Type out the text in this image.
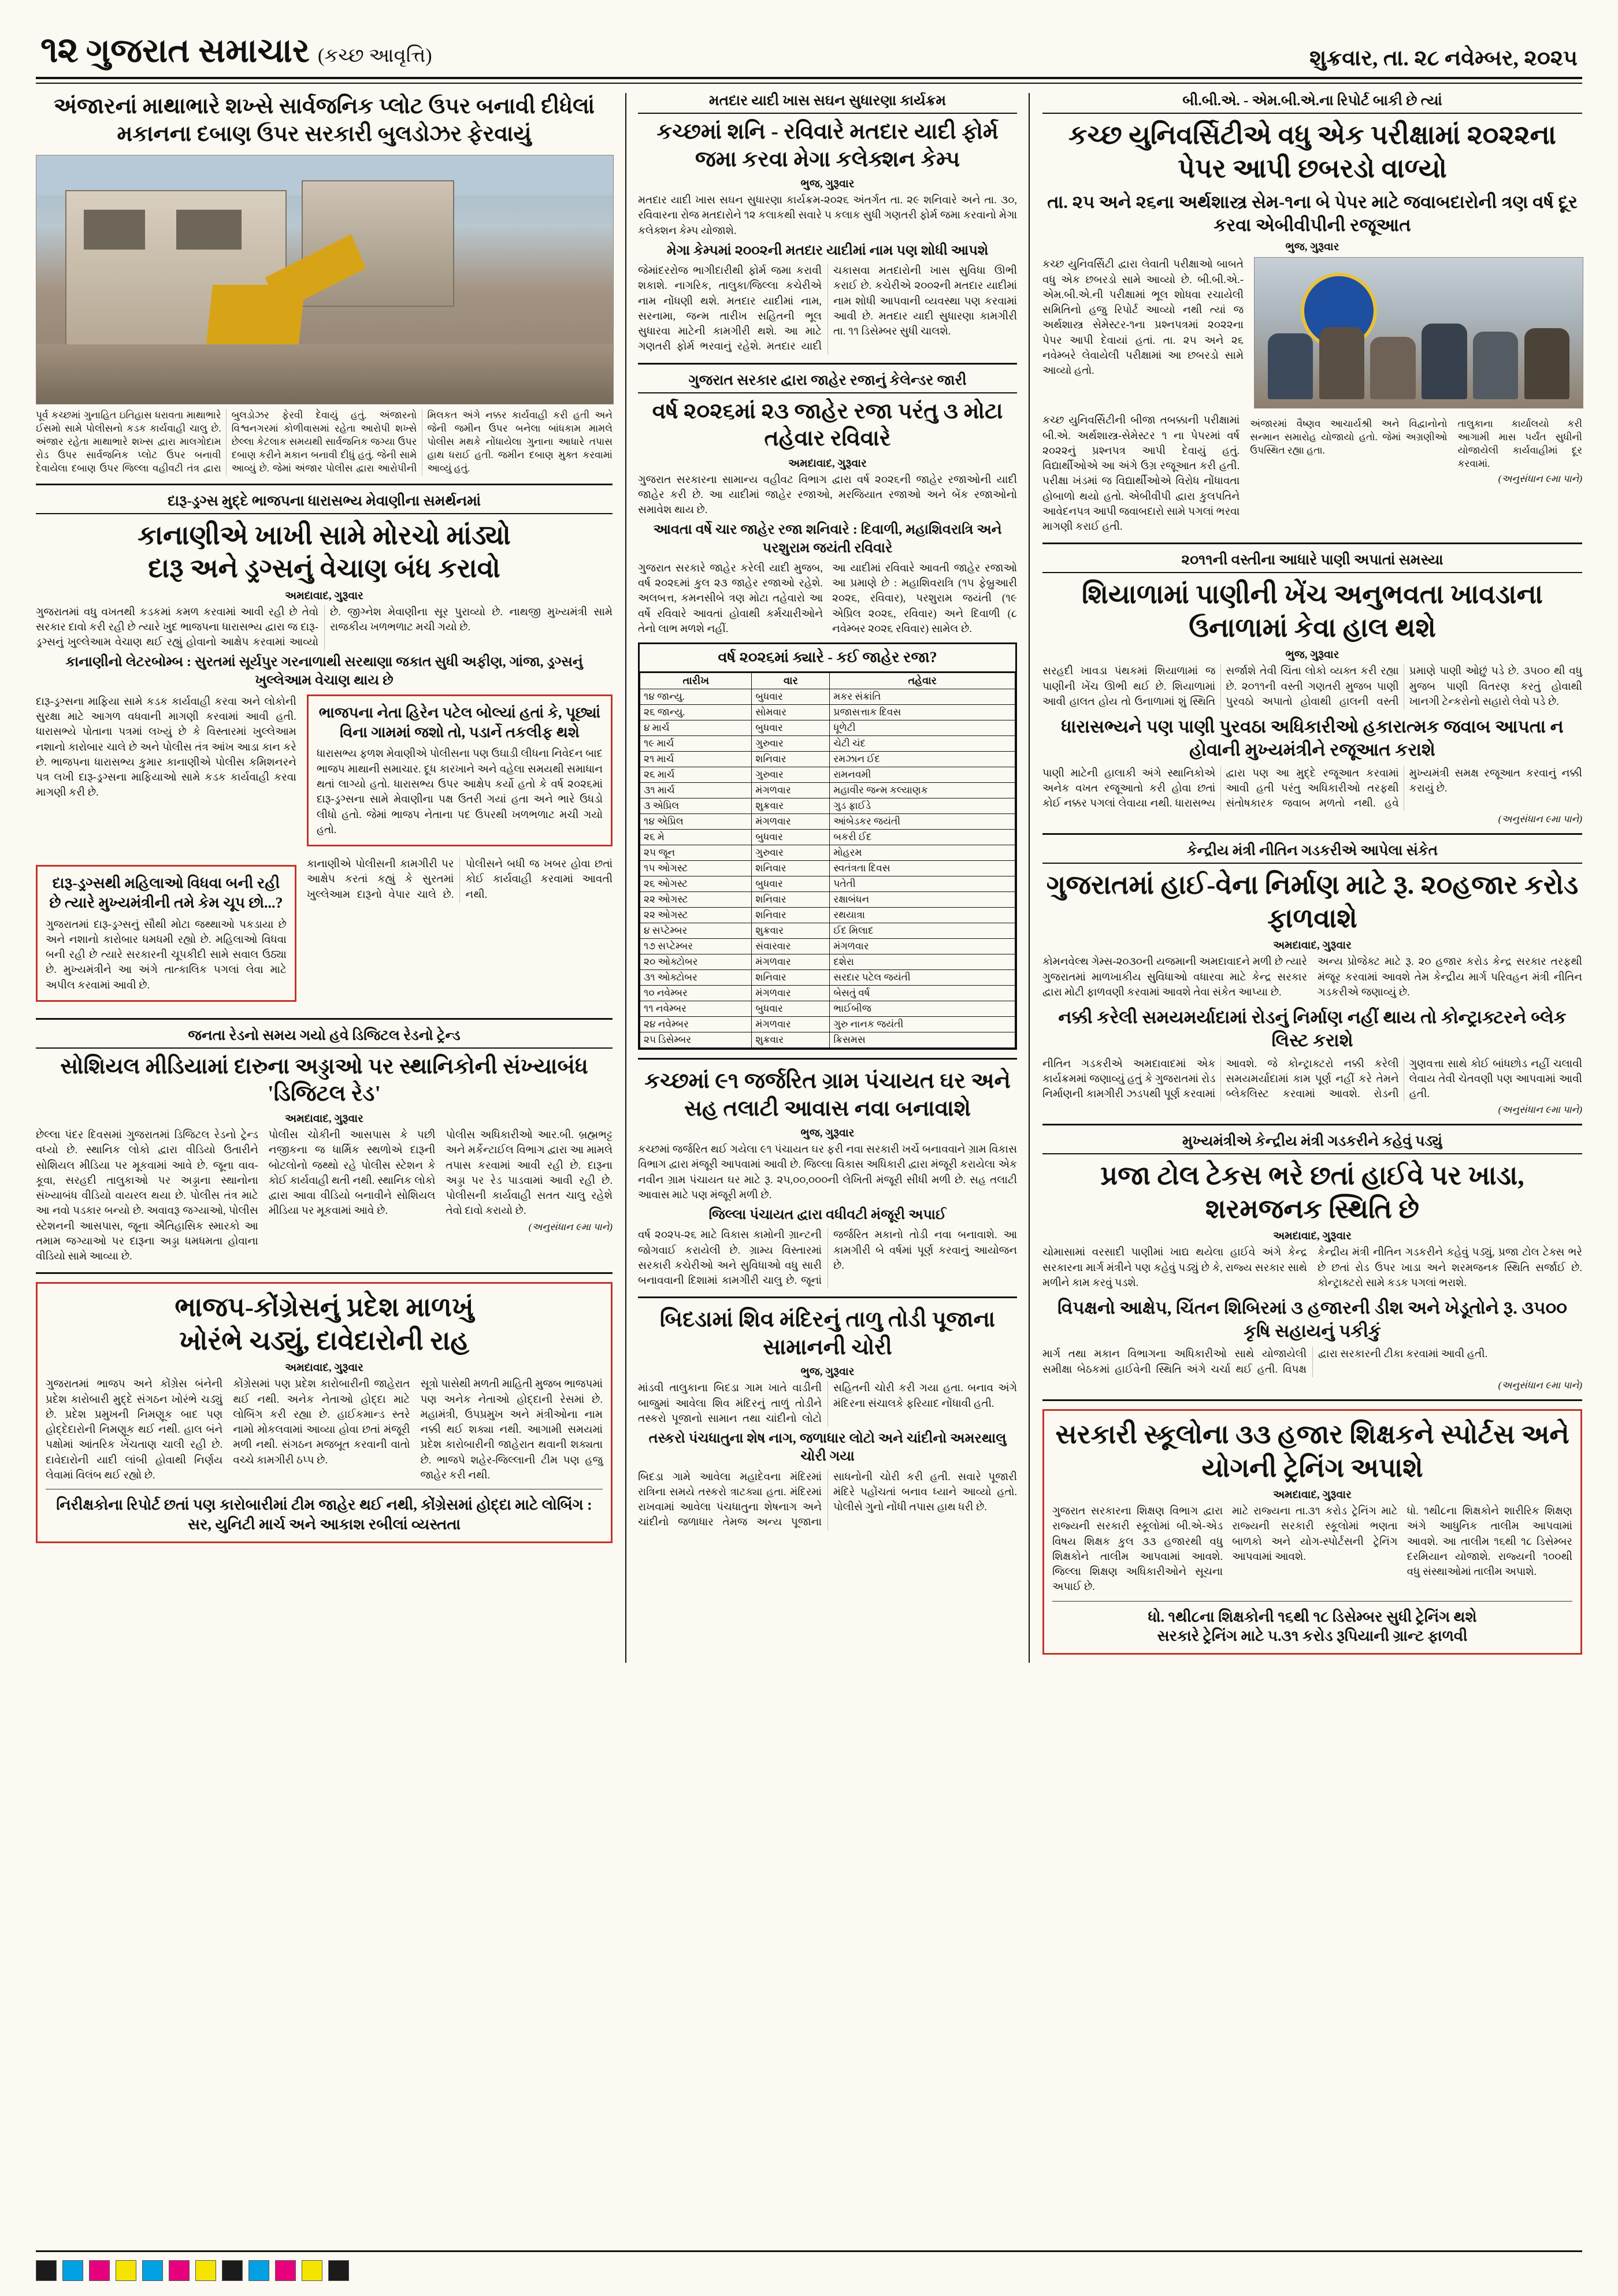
૧૨ ગુજરાત સમાચાર (કચ્છ આવૃત્તિ)	શુક્રવાર, તા. ૨૮ નવેમ્બર, ૨૦૨૫
અંજારનાં માથાભારે શખ્સે સાર્વજનિક પ્લોટ ઉપર બનાવી દીધેલાં મકાનના દબાણ ઉપર સરકારી બુલડોઝર ફેરવાયું
પૂર્વ કચ્છમાં ગુનાહિત ઇતિહાસ ધરાવતા માથાભારે ઈસમો સામે પોલીસનો કડક કાર્યવાહી ચાલુ છે. અંજાર રહેતા માથાભારે શખ્સ દ્વારા માલગોદામ રોડ ઉપર સાર્વજનિક પ્લોટ ઉપર બનાવી દેવાયેલા દબાણ ઉપર જિલ્લા વહીવટી તંત્ર દ્વારા બુલડોઝર ફેરવી દેવાયું હતું. અંજારનો વિશ્વનગરમાં કોળીવાસમાં રહેતા આરોપી શખ્સે છેલ્લા કેટલાક સમયથી સાર્વજનિક જગ્યા ઉપર દબાણ કરીને મકાન બનાવી દીધું હતું. જેની સામે આવ્યું છે. જેમાં અંજાર પોલીસ દ્વારા આરોપીની મિલકત અંગે નક્કર કાર્યવાહી કરી હતી અને જેની જમીન ઉપર બનેલા બાંધકામ મામલે પોલીસ મથકે નોંધાયેલા ગુનાના આધારે તપાસ હાથ ધરાઈ હતી. જમીન દબાણ મુક્ત કરવામાં આવ્યું હતું.
દારૂ-ડ્રગ્સ મુદ્દે ભાજપના ધારાસભ્ય મેવાણીના સમર્થનમાં
કાનાણીએ ખાખી સામે મોરચો માંડ્યો
દારૂ અને ડ્રગ્સનું વેચાણ બંધ કરાવો
અમદાવાદ, ગુરૂવાર
ગુજરાતમાં વધુ વખતથી કડકમાં કમળ કરવામાં આવી રહી છે તેવો સરકાર દાવો કરી રહી છે ત્યારે ખુદ ભાજપના ધારાસભ્ય દ્વારા જ દારૂ-ડ્રગ્સનું ખુલ્લેઆમ વેચાણ થઈ રહ્યું હોવાનો આક્ષેપ કરવામાં આવ્યો છે. જીગ્નેશ મેવાણીના સૂર પુરાવ્યો છે. નાથજી મુખ્યમંત્રી સામે રાજકીય ખળભળાટ મચી ગયો છે.
કાનાણીનો લેટરબોમ્બ : સુરતમાં સૂર્યપુર ગરનાળાથી સરથાણા જકાત સુધી અફીણ, ગાંજા, ડ્રગ્સનું ખુલ્લેઆમ વેચાણ થાય છે
દારૂ-ડ્રગ્સના માફિયા સામે કડક કાર્યવાહી કરવા અને લોકોની સુરક્ષા માટે આગળ વધવાની માગણી કરવામાં આવી હતી. ધારાસભ્યે પોતાના પત્રમાં લખ્યું છે કે વિસ્તારમાં ખુલ્લેઆમ નશાનો કારોબાર ચાલે છે અને પોલીસ તંત્ર આંખ આડા કાન કરે છે. ભાજપના ધારાસભ્ય કુમાર કાનાણીએ પોલીસ કમિશનરને પત્ર લખી દારૂ-ડ્રગ્સના માફિયાઓ સામે કડક કાર્યવાહી કરવા માગણી કરી છે.
ભાજપના નેતા હિરેન પટેલ બોલ્યાં હતાં કે, પૂછ્યાં વિના ગામમાં જશો તો, પડાર્ને તકલીફ થશે
ધારાસભ્ય ફળશ મેવાણીએ પોલીસના પણ ઉઘાડી લીધના નિવેદન બાદ ભાજપ માથાની સમાચાર. દૂધ કારખાને અને વહેલા સમયથી સમાધાન થતાં લાગ્યો હતો. ધારાસભ્ય ઉપર આક્ષેપ કર્યો હતો કે વર્ષ ૨૦૨૬માં દારૂ-ડ્રગ્સના સામે મેવાણીના પક્ષ ઉતરી ગયાં હતા અને ભારે ઉધડો લીધો હતો. જેમાં ભાજપ નેતાના પદ ઉપરથી ખળભળાટ મચી ગયો હતો.
દારૂ-ડ્રગ્સથી મહિલાઓ વિધવા બની રહી છે ત્યારે મુખ્યમંત્રીની તમે કેમ ચૂપ છો...?
ગુજરાતમાં દારૂ-ડ્રગ્સનું સૌથી મોટા જથ્થાઓ પકડાયા છે અને નશાનો કારોબાર ધમધમી રહ્યો છે. મહિલાઓ વિધવા બની રહી છે ત્યારે સરકારની ચૂપકીદી સામે સવાલ ઉઠ્યા છે. મુખ્યમંત્રીને આ અંગે તાત્કાલિક પગલાં લેવા માટે અપીલ કરવામાં આવી છે.
કાનાણીએ પોલીસની કામગીરી પર આક્ષેપ કરતાં કહ્યું કે સુરતમાં ખુલ્લેઆમ દારૂનો વેપાર ચાલે છે. પોલીસને બધી જ ખબર હોવા છતાં કોઈ કાર્યવાહી કરવામાં આવતી નથી.
જનતા રેડનો સમય ગયો હવે ડિજિટલ રેડનો ટ્રેન્ડ
સોશિયલ મીડિયામાં દારુના અડ્ડાઓ પર સ્થાનિકોની સંખ્યાબંધ 'ડિજિટલ રેડ'
અમદાવાદ, ગુરૂવાર
છેલ્લા પંદર દિવસમાં ગુજરાતમાં ડિજિટલ રેડનો ટ્રેન્ડ વધ્યો છે. સ્થાનિક લોકો દ્વારા વીડિયો ઉતારીને સોશિયલ મીડિયા પર મૂકવામાં આવે છે. જૂના વાવ-કૂવા, સરહદી તાલુકાઓ પર અડ્ડાના સ્થાનોના સંખ્યાબંધ વીડિયો વાયરલ થયા છે. પોલીસ તંત્ર માટે આ નવો પડકાર બન્યો છે. અવાવરૂ જગ્યાઓ, પોલીસ સ્ટેશનની આસપાસ, જૂના ઐતિહાસિક સ્મારકો આ તમામ જગ્યાઓ પર દારૂના અડ્ડા ધમધમતા હોવાના વીડિયો સામે આવ્યા છે.
પોલીસ ચોકીની આસપાસ કે પછી નજીકના જ ધાર્મિક સ્થળોએ દારૂની બોટલોનો જથ્થો રહે પોલીસ સ્ટેશન કે કોઈ કાર્યવાહી થતી નથી. સ્થાનિક લોકો દ્વારા આવા વીડિયો બનાવીને સોશિયલ મીડિયા પર મૂકવામાં આવે છે.
પોલીસ અધિકારીઓ આર.બી. બ્રહ્મભટ્ટ અને મર્કેન્ટાઈલ વિભાગ દ્વારા આ મામલે તપાસ કરવામાં આવી રહી છે. દારૂના અડ્ડા પર રેડ પાડવામાં આવી રહી છે. પોલીસની કાર્યવાહી સતત ચાલુ રહેશે તેવો દાવો કરાયો છે.
(અનુસંધાન ૯મા પાને)
ભાજપ-કોંગ્રેસનું પ્રદેશ માળખું
ખોરંભે ચડ્યું, દાવેદારોની રાહ
અમદાવાદ, ગુરૂવાર
ગુજરાતમાં ભાજપ અને કોંગ્રેસ બંનેની પ્રદેશ કારોબારી મુદ્દે સંગઠન ખોરંભે ચડ્યું છે. પ્રદેશ પ્રમુખની નિમણૂક બાદ પણ હોદ્દેદારોની નિમણૂક થઈ નથી. હાલ બંને પક્ષોમાં આંતરિક ખેંચતાણ ચાલી રહી છે. દાવેદારોની યાદી લાંબી હોવાથી નિર્ણય લેવામાં વિલંબ થઈ રહ્યો છે.
કોંગ્રેસમાં પણ પ્રદેશ કારોબારીની જાહેરાત થઈ નથી. અનેક નેતાઓ હોદ્દા માટે લોબિંગ કરી રહ્યા છે. હાઈકમાન્ડ સ્તરે નામો મોકલવામાં આવ્યા હોવા છતાં મંજૂરી મળી નથી. સંગઠન મજબૂત કરવાની વાતો વચ્ચે કામગીરી ઠપ્પ છે.
સૂત્રો પાસેથી મળતી માહિતી મુજબ ભાજપમાં પણ અનેક નેતાઓ હોદ્દાની રેસમાં છે. મહામંત્રી, ઉપપ્રમુખ અને મંત્રીઓના નામ નક્કી થઈ શક્યા નથી. આગામી સમયમાં પ્રદેશ કારોબારીની જાહેરાત થવાની શક્યતા છે. ભાજપે શહેર-જિલ્લાની ટીમ પણ હજુ જાહેર કરી નથી.
નિરીક્ષકોના રિપોર્ટ છતાં પણ કારોબારીમાં ટીમ જાહેર થઈ નથી, કોંગ્રેસમાં હોદ્દા માટે લોબિંગ : સર, યુનિટી માર્ચ અને આકાશ રબીલાં વ્યસ્તતા
મતદાર યાદી ખાસ સઘન સુધારણા કાર્યક્રમ
કચ્છમાં શનિ - રવિવારે મતદાર યાદી ફોર્મ જમા કરવા મેગા કલેક્શન કેમ્પ
ભુજ, ગુરૂવાર
મતદાર યાદી ખાસ સઘન સુધારણા કાર્યક્રમ-૨૦૨૬ અંતર્ગત તા. ૨૯ શનિવારે અને તા. ૩૦, રવિવારના રોજ મતદારોને ૧૨ કલાકથી સવારે ૫ કલાક સુધી ગણતરી ફોર્મ જમા કરવાનો મેગા કલેક્શન કેમ્પ યોજાશે.
મેગા કેમ્પમાં ૨૦૦૨ની મતદાર યાદીમાં નામ પણ શોધી આપશે
જેમાંદરરોજ ભાગીદારીથી ફોર્મ જમા કરાવી શકાશે. નાગરિક, તાલુકા/જિલ્લા કચેરીએ નામ નોંધણી થશે. મતદાર યાદીમાં નામ, સરનામા, જન્મ તારીખ સહિતની ભૂલ સુધારવા માટેની કામગીરી થશે. આ માટે ગણતરી ફોર્મ ભરવાનું રહેશે. મતદાર યાદી ચકાસવા મતદારોની ખાસ સુવિધા ઊભી કરાઈ છે. કચેરીએ ૨૦૦૨ની મતદાર યાદીમાં નામ શોધી આપવાની વ્યવસ્થા પણ કરવામાં આવી છે. મતદાર યાદી સુધારણા કામગીરી તા. ૧૧ ડિસેમ્બર સુધી ચાલશે.
ગુજરાત સરકાર દ્વારા જાહેર રજાનું કેલેન્ડર જારી
વર્ષ ૨૦૨૬માં ૨૩ જાહેર રજા પરંતુ ૩ મોટા તહેવાર રવિવારે
અમદાવાદ, ગુરૂવાર
ગુજરાત સરકારના સામાન્ય વહીવટ વિભાગ દ્વારા વર્ષ ૨૦૨૬ની જાહેર રજાઓની યાદી જાહેર કરી છે. આ યાદીમાં જાહેર રજાઓ, મરજિયાત રજાઓ અને બેંક રજાઓનો સમાવેશ થાય છે.
આવતા વર્ષે ચાર જાહેર રજા શનિવારે : દિવાળી, મહાશિવરાત્રિ અને પરશુરામ જયંતી રવિવારે
ગુજરાત સરકારે જાહેર કરેલી યાદી મુજબ, વર્ષ ૨૦૨૬માં કુલ ૨૩ જાહેર રજાઓ રહેશે. અલબત્ત, કમનસીબે ત્રણ મોટા તહેવારો આ વર્ષે રવિવારે આવતાં હોવાથી કર્મચારીઓને તેનો લાભ મળશે નહીં.
આ યાદીમાં રવિવારે આવતી જાહેર રજાઓ આ પ્રમાણે છે : મહાશિવરાત્રિ (૧૫ ફેબ્રુઆરી ૨૦૨૬, રવિવાર), પરશુરામ જયંતી (૧૯ એપ્રિલ ૨૦૨૬, રવિવાર) અને દિવાળી (૮ નવેમ્બર ૨૦૨૬ રવિવાર) સામેલ છે.
વર્ષ ૨૦૨૬માં ક્યારે - કઈ જાહેર રજા?
તારીખ	વાર	તહેવાર
૧૪ જાન્યુ.	બુધવાર	મકર સંક્રાંતિ
૨૬ જાન્યુ.	સોમવાર	પ્રજાસત્તાક દિવસ
૪ માર્ચ	બુધવાર	ધૂળેટી
૧૯ માર્ચ	ગુરુવાર	ચેટી ચંદ
૨૧ માર્ચ	શનિવાર	રમઝાન ઈદ
૨૬ માર્ચ	ગુરુવાર	રામનવમી
૩૧ માર્ચ	મંગળવાર	મહાવીર જન્મ કલ્યાણક
૩ એપ્રિલ	શુક્રવાર	ગુડ ફ્રાઈડે
૧૪ એપ્રિલ	મંગળવાર	આંબેડકર જયંતી
૨૬ મે	બુધવાર	બકરી ઈદ
૨૫ જૂન	ગુરુવાર	મોહરમ
૧૫ ઓગસ્ટ	શનિવાર	સ્વતંત્રતા દિવસ
૨૬ ઓગસ્ટ	બુધવાર	પતેતી
૨૨ ઓગસ્ટ	શનિવાર	રક્ષાબંધન
૨૨ ઓગસ્ટ	શનિવાર	રથયાત્રા
૪ સપ્ટેમ્બર	શુક્રવાર	ઈદ મિલાદ
૧૭ સપ્ટેમ્બર	સંવારવાર	મંગળવાર
૨૦ ઓક્ટોબર	મંગળવાર	દશેરા
૩૧ ઓક્ટોબર	શનિવાર	સરદાર પટેલ જયંતી
૧૦ નવેમ્બર	મંગળવાર	બેસતું વર્ષ
૧૧ નવેમ્બર	બુધવાર	ભાઈબીજ
૨૪ નવેમ્બર	મંગળવાર	ગુરુ નાનક જયંતી
૨૫ ડિસેમ્બર	શુક્રવાર	ક્રિસમસ
કચ્છમાં ૯૧ જર્જરિત ગ્રામ પંચાયત ઘર અને સહ તલાટી આવાસ નવા બનાવાશે
ભુજ, ગુરૂવાર
કચ્છમાં જર્જરિત થઈ ગયેલા ૯૧ પંચાયત ઘર ફરી નવા સરકારી ખર્ચે બનાવવાને ગ્રામ વિકાસ વિભાગ દ્વારા મંજૂરી આપવામાં આવી છે. જિલ્લા વિકાસ અધિકારી દ્વારા મંજૂરી કરાયેલા એક નવીન ગ્રામ પંચાયત ઘર માટે રૂ. ૨૫,૦૦,૦૦૦ની લેખિતી મંજૂરી સીધી મળી છે. સહ તલાટી આવાસ માટે પણ મંજૂરી મળી છે.
જિલ્લા પંચાયત દ્વારા વધીવટી મંજૂરી અપાઈ
વર્ષ ૨૦૨૫-૨૬ માટે વિકાસ કામોની ગ્રાન્ટની જોગવાઈ કરાયેલી છે. ગ્રામ્ય વિસ્તારમાં સરકારી કચેરીઓ અને સુવિધાઓ વધુ સારી બનાવવાની દિશામાં કામગીરી ચાલુ છે. જૂનાં જર્જરિત મકાનો તોડી નવા બનાવાશે. આ કામગીરી બે વર્ષમાં પૂર્ણ કરવાનું આયોજન છે.
બિદડામાં શિવ મંદિરનું તાળુ તોડી પૂજાના સામાનની ચોરી
ભુજ, ગુરૂવાર
માંડવી તાલુકાના બિદડા ગામ ખાતે વાડીની બાજુમાં આવેલા શિવ મંદિરનું તાળું તોડીને તસ્કરો પૂજાનો સામાન તથા ચાંદીનો લોટો સહિતની ચોરી કરી ગયા હતા. બનાવ અંગે મંદિરના સંચાલકે ફરિયાદ નોંધાવી હતી.
તસ્કરો પંચધાતુના શેષ નાગ, જળાધાર લોટો અને ચાંદીનો અમરથાલુ ચોરી ગયા
બિદડા ગામે આવેલા મહાદેવના મંદિરમાં રાત્રિના સમયે તસ્કરો ત્રાટક્યા હતા. મંદિરમાં રાખવામાં આવેલા પંચધાતુના શેષનાગ અને ચાંદીનો જળાધાર તેમજ અન્ય પૂજાના સાધનોની ચોરી કરી હતી. સવારે પૂજારી મંદિરે પહોંચતાં બનાવ ધ્યાને આવ્યો હતો. પોલીસે ગુનો નોંધી તપાસ હાથ ધરી છે.
બી.બી.એ. - એમ.બી.એ.ના રિપોર્ટ બાકી છે ત્યાં
કચ્છ યુનિવર્સિટીએ વધુ એક પરીક્ષામાં ૨૦૨૨ના પેપર આપી છબરડો વાળ્યો
તા. ૨૫ અને ૨૬ના અર્થશાસ્ત્ર સેમ-૧ના બે પેપર માટે જવાબદારોની ત્રણ વર્ષ દૂર કરવા એબીવીપીની રજૂઆત
ભુજ, ગુરૂવાર
કચ્છ યુનિવર્સિટી દ્વારા લેવાતી પરીક્ષાઓ બાબતે વધુ એક છબરડો સામે આવ્યો છે. બી.બી.એ.-એમ.બી.એ.ની પરીક્ષામાં ભૂલ શોધવા રચાયેલી સમિતિનો હજુ રિપોર્ટ આવ્યો નથી ત્યાં જ અર્થશાસ્ત્ર સેમેસ્ટર-૧ના પ્રશ્નપત્રમાં ૨૦૨૨ના પેપર આપી દેવાયાં હતાં. તા. ૨૫ અને ૨૬ નવેમ્બરે લેવાયેલી પરીક્ષામાં આ છબરડો સામે આવ્યો હતો.
કચ્છ યુનિવર્સિટીની બીજા તબક્કાની પરીક્ષામાં બી.એ. અર્થશાસ્ત્ર-સેમેસ્ટર ૧ ના પેપરમાં વર્ષ ૨૦૨૨નું પ્રશ્નપત્ર આપી દેવાયું હતું. વિદ્યાર્થીઓએ આ અંગે ઉગ્ર રજૂઆત કરી હતી. પરીક્ષા ખંડમાં જ વિદ્યાર્થીઓએ વિરોધ નોંધાવતા હોબાળો થયો હતો. એબીવીપી દ્વારા કુલપતિને આવેદનપત્ર આપી જવાબદારો સામે પગલાં ભરવા માગણી કરાઈ હતી.
અંજારમાં વૈષ્ણવ આચાર્યશ્રી અને વિદ્વાનોનો સન્માન સમારોહ યોજાયો હતો. જેમાં અગ્રણીઓ ઉપસ્થિત રહ્યા હતા.
તાલુકાના કાર્યાલયો કરી આગામી માસ પર્યંત સુધીની યોજાયેલી કાર્યવાહીમાં દૂર કરવામાં.
(અનુસંધાન ૯મા પાને)
૨૦૧૧ની વસ્તીના આધારે પાણી અપાતાં સમસ્યા
શિયાળામાં પાણીની ખેંચ અનુભવતા ખાવડાના ઉનાળામાં કેવા હાલ થશે
ભુજ, ગુરૂવાર
સરહદી ખાવડા પંથકમાં શિયાળામાં જ પાણીની ખેંચ ઊભી થઈ છે. શિયાળામાં આવી હાલત હોય તો ઉનાળામાં શું સ્થિતિ સર્જાશે તેવી ચિંતા લોકો વ્યક્ત કરી રહ્યા છે. ૨૦૧૧ની વસ્તી ગણતરી મુજબ પાણી પુરવઠો અપાતો હોવાથી હાલની વસ્તી પ્રમાણે પાણી ઓછું પડે છે. ૩૫૦૦ થી વધુ મુજબ પાણી વિતરણ કરતું હોવાથી ખાનગી ટેન્કરોનો સહારો લેવો પડે છે.
ધારાસભ્યને પણ પાણી પુરવઠા અધિકારીઓ હકારાત્મક જવાબ આપતા ન હોવાની મુખ્યમંત્રીને રજૂઆત કરાશે
પાણી માટેની હાલાકી અંગે સ્થાનિકોએ અનેક વખત રજૂઆતો કરી હોવા છતાં કોઈ નક્કર પગલાં લેવાયા નથી. ધારાસભ્ય દ્વારા પણ આ મુદ્દે રજૂઆત કરવામાં આવી હતી પરંતુ અધિકારીઓ તરફથી સંતોષકારક જવાબ મળતો નથી. હવે મુખ્યમંત્રી સમક્ષ રજૂઆત કરવાનું નક્કી કરાયું છે.
(અનુસંધાન ૯મા પાને)
કેન્દ્રીય મંત્રી નીતિન ગડકરીએ આપેલા સંકેત
ગુજરાતમાં હાઈ-વેના નિર્માણ માટે રૂ. ૨૦હજાર કરોડ ફાળવાશે
અમદાવાદ, ગુરૂવાર
કોમનવેલ્થ ગેમ્સ-૨૦૩૦ની યજમાની અમદાવાદને મળી છે ત્યારે ગુજરાતમાં માળખાકીય સુવિધાઓ વધારવા માટે કેન્દ્ર સરકાર દ્વારા મોટી ફાળવણી કરવામાં આવશે તેવા સંકેત આપ્યા છે.
અન્ય પ્રોજેક્ટ માટે રૂ. ૨૦ હજાર કરોડ કેન્દ્ર સરકાર તરફથી મંજૂર કરવામાં આવશે તેમ કેન્દ્રીય માર્ગ પરિવહન મંત્રી નીતિન ગડકરીએ જણાવ્યું છે.
નક્કી કરેલી સમયમર્યાદામાં રોડનું નિર્માણ નહીં થાય તો કોન્ટ્રાક્ટરને બ્લેક લિસ્ટ કરાશે
નીતિન ગડકરીએ અમદાવાદમાં એક કાર્યક્રમમાં જણાવ્યું હતું કે ગુજરાતમાં રોડ નિર્માણની કામગીરી ઝડપથી પૂર્ણ કરવામાં આવશે. જે કોન્ટ્રાક્ટરો નક્કી કરેલી સમયમર્યાદામાં કામ પૂર્ણ નહીં કરે તેમને બ્લેકલિસ્ટ કરવામાં આવશે. રોડની ગુણવત્તા સાથે કોઈ બાંધછોડ નહીં ચલાવી લેવાય તેવી ચેતવણી પણ આપવામાં આવી હતી.
(અનુસંધાન ૯મા પાને)
મુખ્યમંત્રીએ કેન્દ્રીય મંત્રી ગડકરીને કહેવું પડ્યું
પ્રજા ટોલ ટેકસ ભરે છતાં હાઈવે પર ખાડા, શરમજનક સ્થિતિ છે
અમદાવાદ, ગુરૂવાર
ચોમાસામાં વરસાદી પાણીમાં ખાદ્ય થયેલા હાઈવે અંગે કેન્દ્ર સરકારના માર્ગ મંત્રીને પણ કહેવું પડ્યું છે કે, રાજ્ય સરકાર સાથે મળીને કામ કરવું પડશે.
કેન્દ્રીય મંત્રી નીતિન ગડકરીને કહેવું પડ્યું, પ્રજા ટોલ ટેક્સ ભરે છે છતાં રોડ ઉપર ખાડા અને શરમજનક સ્થિતિ સર્જાઈ છે. કોન્ટ્રાક્ટરો સામે કડક પગલાં ભરાશે.
વિપક્ષનો આક્ષેપ, ચિંતન શિબિરમાં ૩ હજારની ડીશ અને ખેડૂતોને રૂ. ૩૫૦૦ કૃષિ સહાયનું પકીકું
માર્ગ તથા મકાન વિભાગના અધિકારીઓ સાથે યોજાયેલી સમીક્ષા બેઠકમાં હાઈવેની સ્થિતિ અંગે ચર્ચા થઈ હતી. વિપક્ષ દ્વારા સરકારની ટીકા કરવામાં આવી હતી.
(અનુસંધાન ૯મા પાને)
સરકારી સ્કૂલોના ૩૩ હજાર શિક્ષકને સ્પોર્ટસ અને યોગની ટ્રેનિંગ અપાશે
અમદાવાદ, ગુરૂવાર
ગુજરાત સરકારના શિક્ષણ વિભાગ દ્વારા રાજ્યની સરકારી સ્કૂલોમાં બી.એ-એડ વિષય શિક્ષક કુલ ૩૩ હજારથી વધુ શિક્ષકોને તાલીમ આપવામાં આવશે. જિલ્લા શિક્ષણ અધિકારીઓને સૂચના અપાઈ છે.
માટે રાજ્યના તા.૩૧ કરોડ ટ્રેનિંગ માટે રાજ્યની સરકારી સ્કૂલોમાં ભણતા બાળકો અને યોગ-સ્પોર્ટસની ટ્રેનિંગ આપવામાં આવશે.
ધો. ૧થી૮ના શિક્ષકોને શારીરિક શિક્ષણ અંગે આધુનિક તાલીમ આપવામાં આવશે. આ તાલીમ ૧૬થી ૧૮ ડિસેમ્બર દરમિયાન યોજાશે. રાજ્યની ૧૦૦થી વધુ સંસ્થાઓમાં તાલીમ અપાશે.
ધો. ૧થી૮ના શિક્ષકોની ૧૬થી ૧૮ ડિસેમ્બર સુધી ટ્રેનિંગ થશે
સરકારે ટ્રેનિંગ માટે ૫.૩૧ કરોડ રૂપિયાની ગ્રાન્ટ ફાળવી
